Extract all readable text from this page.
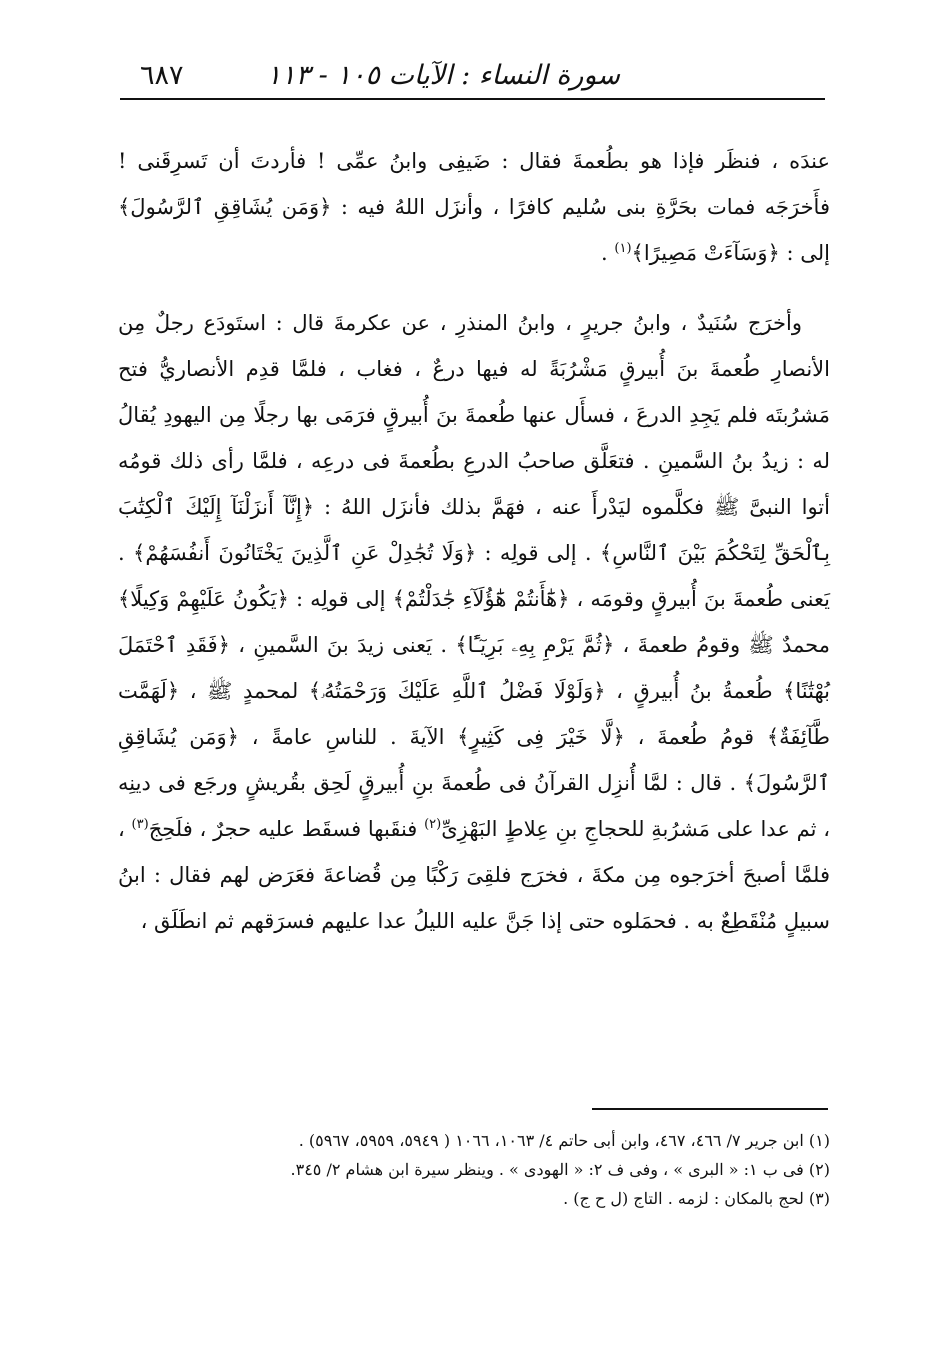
سورة النساء : الآيات ١٠٥ - ١١٣
٦٨٧

عندَه ، فنظَر فإذا هو بطُعمةَ فقال : ضَيفِى وابنُ عمِّى ! فأردتَ أن تَسرِقَنى ! فأَخرَجَه فمات بحَرَّةِ بنى سُليم كافرًا ، وأنزَل اللهُ فيه : ﴿وَمَن يُشَاقِقِ ٱلرَّسُولَ﴾ إلى : ﴿وَسَآءَتْ مَصِيرًا﴾$^{(١)}$ .

وأخرَج سُنَيدٌ ، وابنُ جريرٍ ، وابنُ المنذرِ ، عن عكرمةَ قال : استَودَع رجلٌ مِن الأنصارِ طُعمةَ بنَ أُبيرقٍ مَشْرُبَةً له فيها درعٌ ، فغاب ، فلمَّا قدِم الأنصاريُّ فتح مَشرُبتَه فلم يَجِدِ الدرعَ ، فسأَل عنها طُعمةَ بنَ أُبيرقٍ فرَمَى بها رجلًا مِن اليهودِ يُقالُ له : زيدُ بنُ السَّمينِ . فتعَلَّق صاحبُ الدرعِ بطُعمةَ فى درعِه ، فلمَّا رأى ذلك قومُه أتوا النبىَّ ﷺ فكلَّموه ليَدْرأَ عنه ، فهَمَّ بذلك فأنزَل اللهُ : ﴿إِنَّآ أَنزَلْنَآ إِلَيْكَ ٱلْكِتَٰبَ بِٱلْحَقِّ لِتَحْكُمَ بَيْنَ ٱلنَّاسِ﴾ . إلى قولِه : ﴿وَلَا تُجَٰدِلْ عَنِ ٱلَّذِينَ يَخْتَانُونَ أَنفُسَهُمْ﴾ . يَعنى طُعمةَ بنَ أُبيرقٍ وقومَه ، ﴿هَٰٓأَنتُمْ هَٰٓؤُلَآءِ جَٰدَلْتُمْ﴾ إلى قولِه : ﴿يَكُونُ عَلَيْهِمْ وَكِيلًا﴾ محمدٌ ﷺ وقومُ طعمةَ ، ﴿ثُمَّ يَرْمِ بِهِۦ بَرِيٓـًٔا﴾ . يَعنى زيدَ بنَ السَّمينِ ، ﴿فَقَدِ ٱحْتَمَلَ بُهْتَٰنًا﴾ طُعمةُ بنُ أُبيرقٍ ، ﴿وَلَوْلَا فَضْلُ ٱللَّهِ عَلَيْكَ وَرَحْمَتُهُۥ﴾ لمحمدٍ ﷺ ، ﴿لَهَمَّت طَّآئِفَةٌ﴾ قومُ طُعمةَ ، ﴿لَّا خَيْرَ فِى كَثِيرٍ﴾ الآيةَ . للناسِ عامةً ، ﴿وَمَن يُشَاقِقِ ٱلرَّسُولَ﴾ . قال : لمَّا أُنزِل القرآنُ فى طُعمةَ بنِ أُبيرقٍ لَحِق بقُريشٍ ورجَع فى دينِه ، ثم عدا على مَشرُبةِ للحجاجِ بنِ عِلاطٍ البَهْزِىِّ$^{(٢)}$ فنقَبها فسقَط عليه حجرٌ ، فلَحِجَ$^{(٣)}$ ، فلمَّا أصبحَ أخرَجوه مِن مكةَ ، فخرَج فلقِىَ رَكْبًا مِن قُضاعةَ فعَرَض لهم فقال : ابنُ سبيلٍ مُنْقَطِعٌ به . فحمَلوه حتى إذا جَنَّ عليه الليلُ عدا عليهم فسرَقهم ثم انطَلَق ،

(١) ابن جرير ٧/ ٤٦٦، ٤٦٧، وابن أبى حاتم ٤/ ١٠٦٣، ١٠٦٦ ( ٥٩٤٩، ٥٩٥٩، ٥٩٦٧) .
(٢) فى ب ١: « البرى » ، وفى ف ٢: « الهودى » . وينظر سيرة ابن هشام ٢/ ٣٤٥.
(٣) لحج بالمكان : لزمه . التاج (ل ح ج) .
